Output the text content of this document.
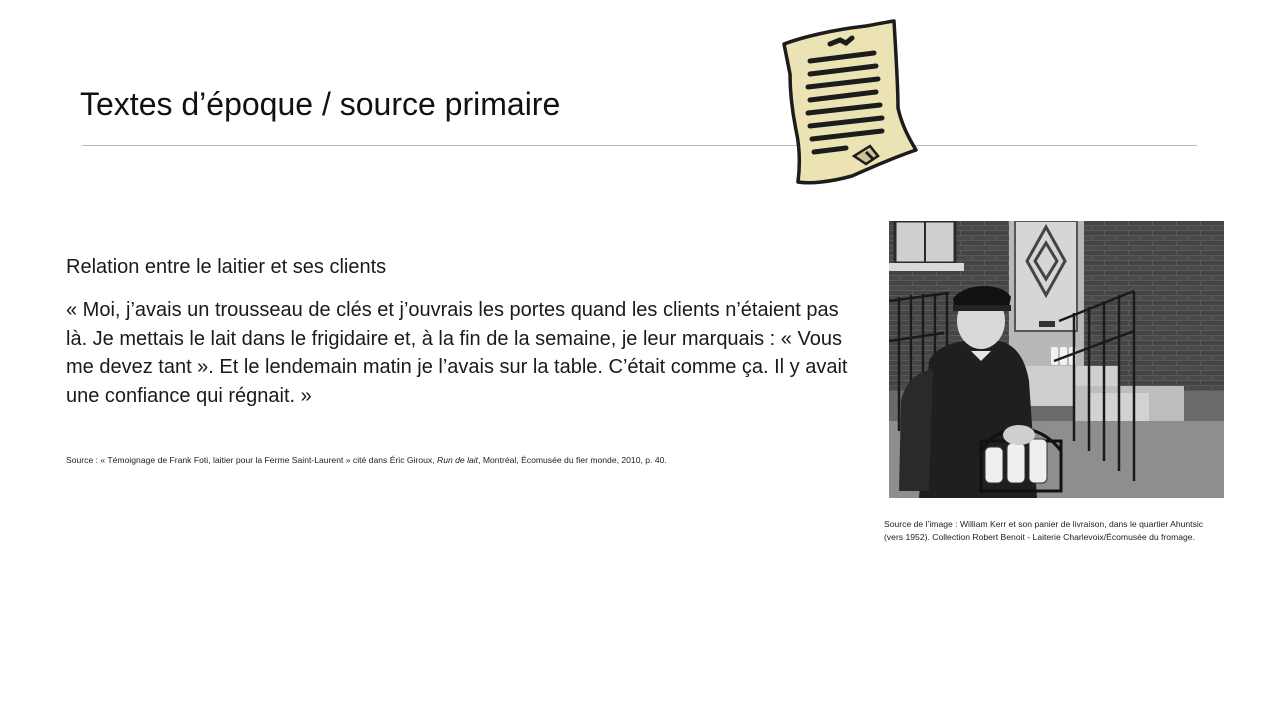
Textes d’époque / source primaire

Relation entre le laitier et ses clients

« Moi, j’avais un trousseau de clés et j’ouvrais les portes quand les clients n’étaient pas là. Je mettais le lait dans le frigidaire et, à la fin de la semaine, je leur marquais : « Vous me devez tant ». Et le lendemain matin je l’avais sur la table. C’était comme ça. Il y avait une confiance qui régnait. »

Source : « Témoignage de Frank Foti, laitier pour la Ferme Saint-Laurent » cité dans Éric Giroux, Run de lait, Montréal, Écomusée du fier monde, 2010, p. 40.

Source de l’image : William Kerr et son panier de livraison, dans le quartier Ahuntsic (vers 1952). Collection Robert Benoit - Laiterie Charlevoix/Écomusée du fromage.
